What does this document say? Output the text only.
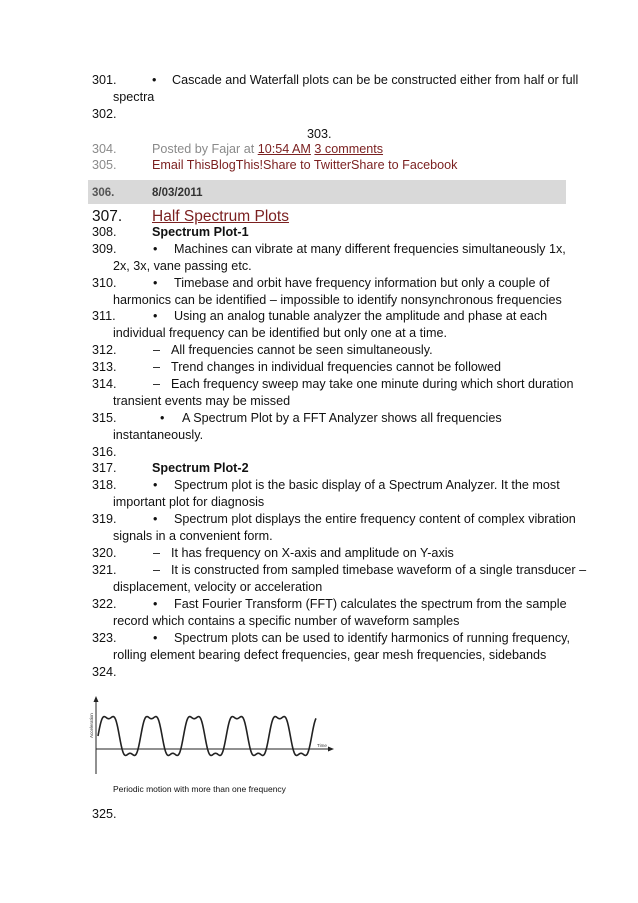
301.	• Cascade and Waterfall plots can be be constructed either from half or full
spectra
302.
303.
304.	Posted by Fajar at 10:54 AM 3 comments
305.	Email ThisBlogThis!Share to TwitterShare to Facebook
306.	8/03/2011
307. Half Spectrum Plots
308.	Spectrum Plot-1
309.	• Machines can vibrate at many different frequencies simultaneously 1x,
2x, 3x, vane passing etc.
310.	• Timebase and orbit have frequency information but only a couple of
harmonics can be identified – impossible to identify nonsynchronous frequencies
311.	• Using an analog tunable analyzer the amplitude and phase at each
individual frequency can be identified but only one at a time.
312.	– All frequencies cannot be seen simultaneously.
313.	– Trend changes in individual frequencies cannot be followed
314.	– Each frequency sweep may take one minute during which short duration
transient events may be missed
315.	• A Spectrum Plot by a FFT Analyzer shows all frequencies
instantaneously.
316.
317.	Spectrum Plot-2
318.	• Spectrum plot is the basic display of a Spectrum Analyzer. It the most
important plot for diagnosis
319.	• Spectrum plot displays the entire frequency content of complex vibration
signals in a convenient form.
320.	– It has frequency on X-axis and amplitude on Y-axis
321.	– It is constructed from sampled timebase waveform of a single transducer –
displacement, velocity or acceleration
322.	• Fast Fourier Transform (FFT) calculates the spectrum from the sample
record which contains a specific number of waveform samples
323.	• Spectrum plots can be used to identify harmonics of running frequency,
rolling element bearing defect frequencies, gear mesh frequencies, sidebands
324.
Acceleration
Time
Periodic motion with more than one frequency
325.
